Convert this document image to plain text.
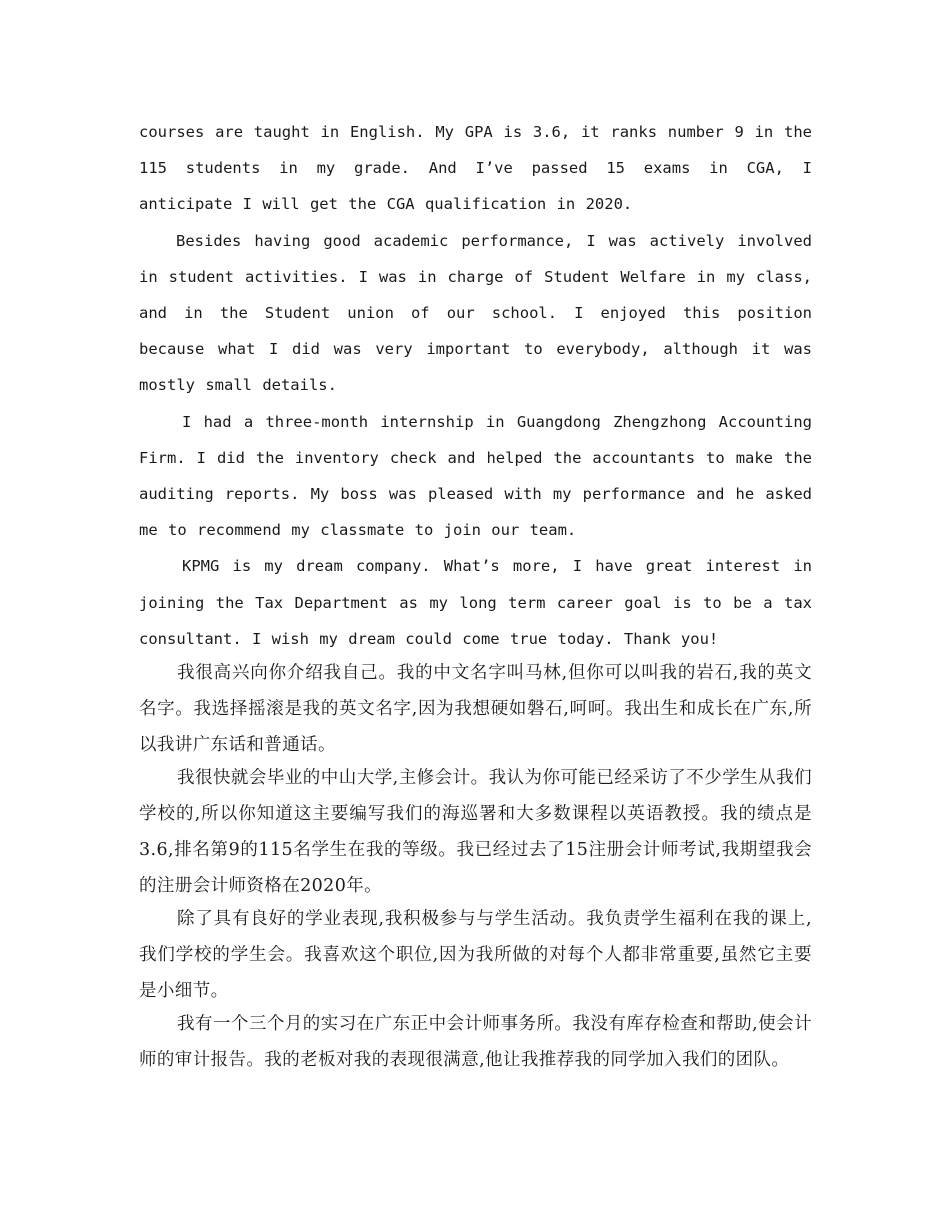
courses are taught in English. My GPA is 3.6, it ranks number 9 in the 115 students in my grade. And I’ve passed 15 exams in CGA, I anticipate I will get the CGA qualification in 2020.

Besides having good academic performance, I was actively involved in student activities. I was in charge of Student Welfare in my class, and in the Student union of our school. I enjoyed this position because what I did was very important to everybody, although it was mostly small details.

I had a three-month internship in Guangdong Zhengzhong Accounting Firm. I did the inventory check and helped the accountants to make the auditing reports. My boss was pleased with my performance and he asked me to recommend my classmate to join our team.

KPMG is my dream company. What’s more, I have great interest in joining the Tax Department as my long term career goal is to be a tax consultant. I wish my dream could come true today. Thank you!

我很高兴向你介绍我自己。我的中文名字叫马林,但你可以叫我的岩石,我的英文名字。我选择摇滚是我的英文名字,因为我想硬如磐石,呵呵。我出生和成长在广东,所以我讲广东话和普通话。

我很快就会毕业的中山大学,主修会计。我认为你可能已经采访了不少学生从我们学校的,所以你知道这主要编写我们的海巡署和大多数课程以英语教授。我的绩点是3.6,排名第9的115名学生在我的等级。我已经过去了15注册会计师考试,我期望我会的注册会计师资格在2020年。

除了具有良好的学业表现,我积极参与与学生活动。我负责学生福利在我的课上,我们学校的学生会。我喜欢这个职位,因为我所做的对每个人都非常重要,虽然它主要是小细节。

我有一个三个月的实习在广东正中会计师事务所。我没有库存检查和帮助,使会计师的审计报告。我的老板对我的表现很满意,他让我推荐我的同学加入我们的团队。
